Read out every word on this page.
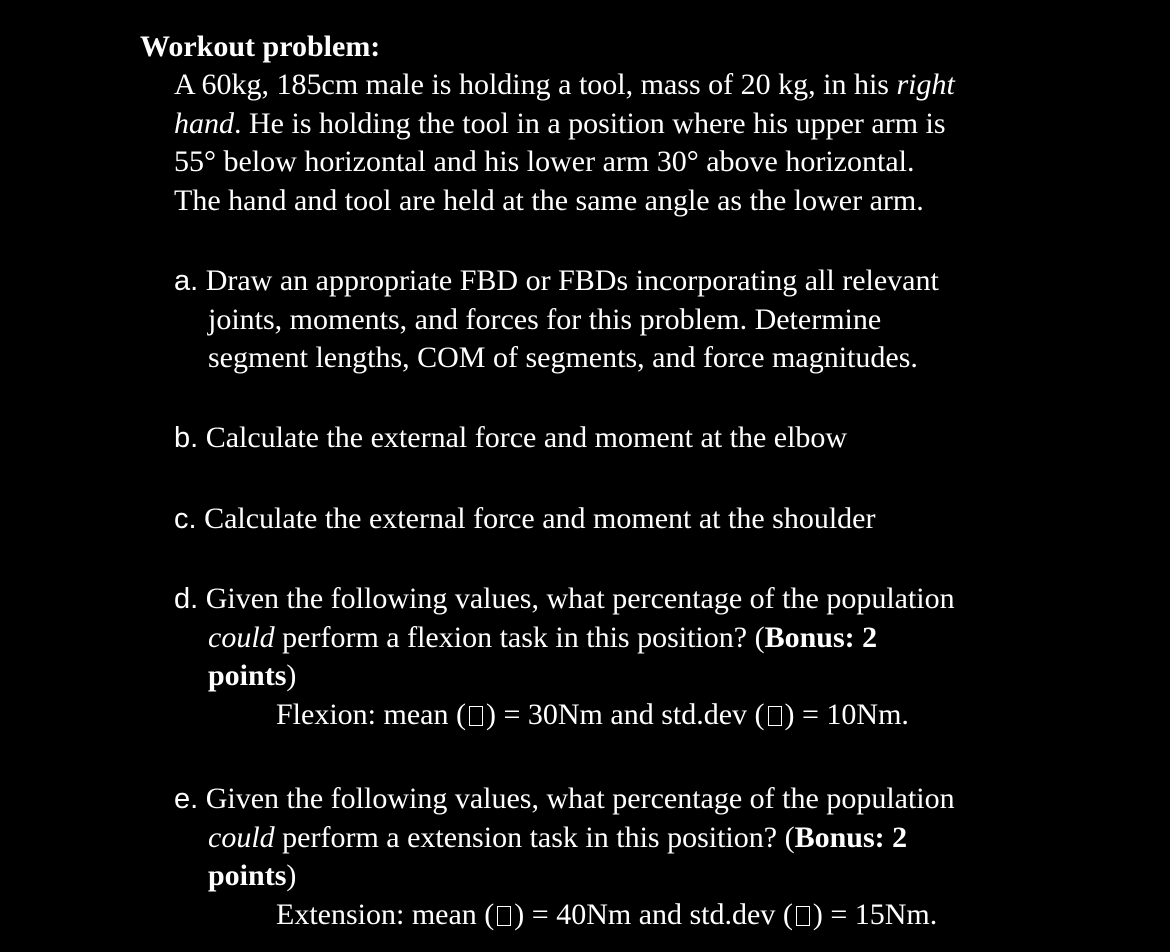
Workout problem:
A 60kg, 185cm male is holding a tool, mass of 20 kg, in his right
hand. He is holding the tool in a position where his upper arm is
55° below horizontal and his lower arm 30° above horizontal.
The hand and tool are held at the same angle as the lower arm.
a. Draw an appropriate FBD or FBDs incorporating all relevant
joints, moments, and forces for this problem. Determine
segment lengths, COM of segments, and force magnitudes.
b. Calculate the external force and moment at the elbow
c. Calculate the external force and moment at the shoulder
d. Given the following values, what percentage of the population
could perform a flexion task in this position? (Bonus: 2
points)
Flexion: mean ( ) = 30Nm and std.dev ( ) = 10Nm.
e. Given the following values, what percentage of the population
could perform a extension task in this position? (Bonus: 2
points)
Extension: mean ( ) = 40Nm and std.dev ( ) = 15Nm.
